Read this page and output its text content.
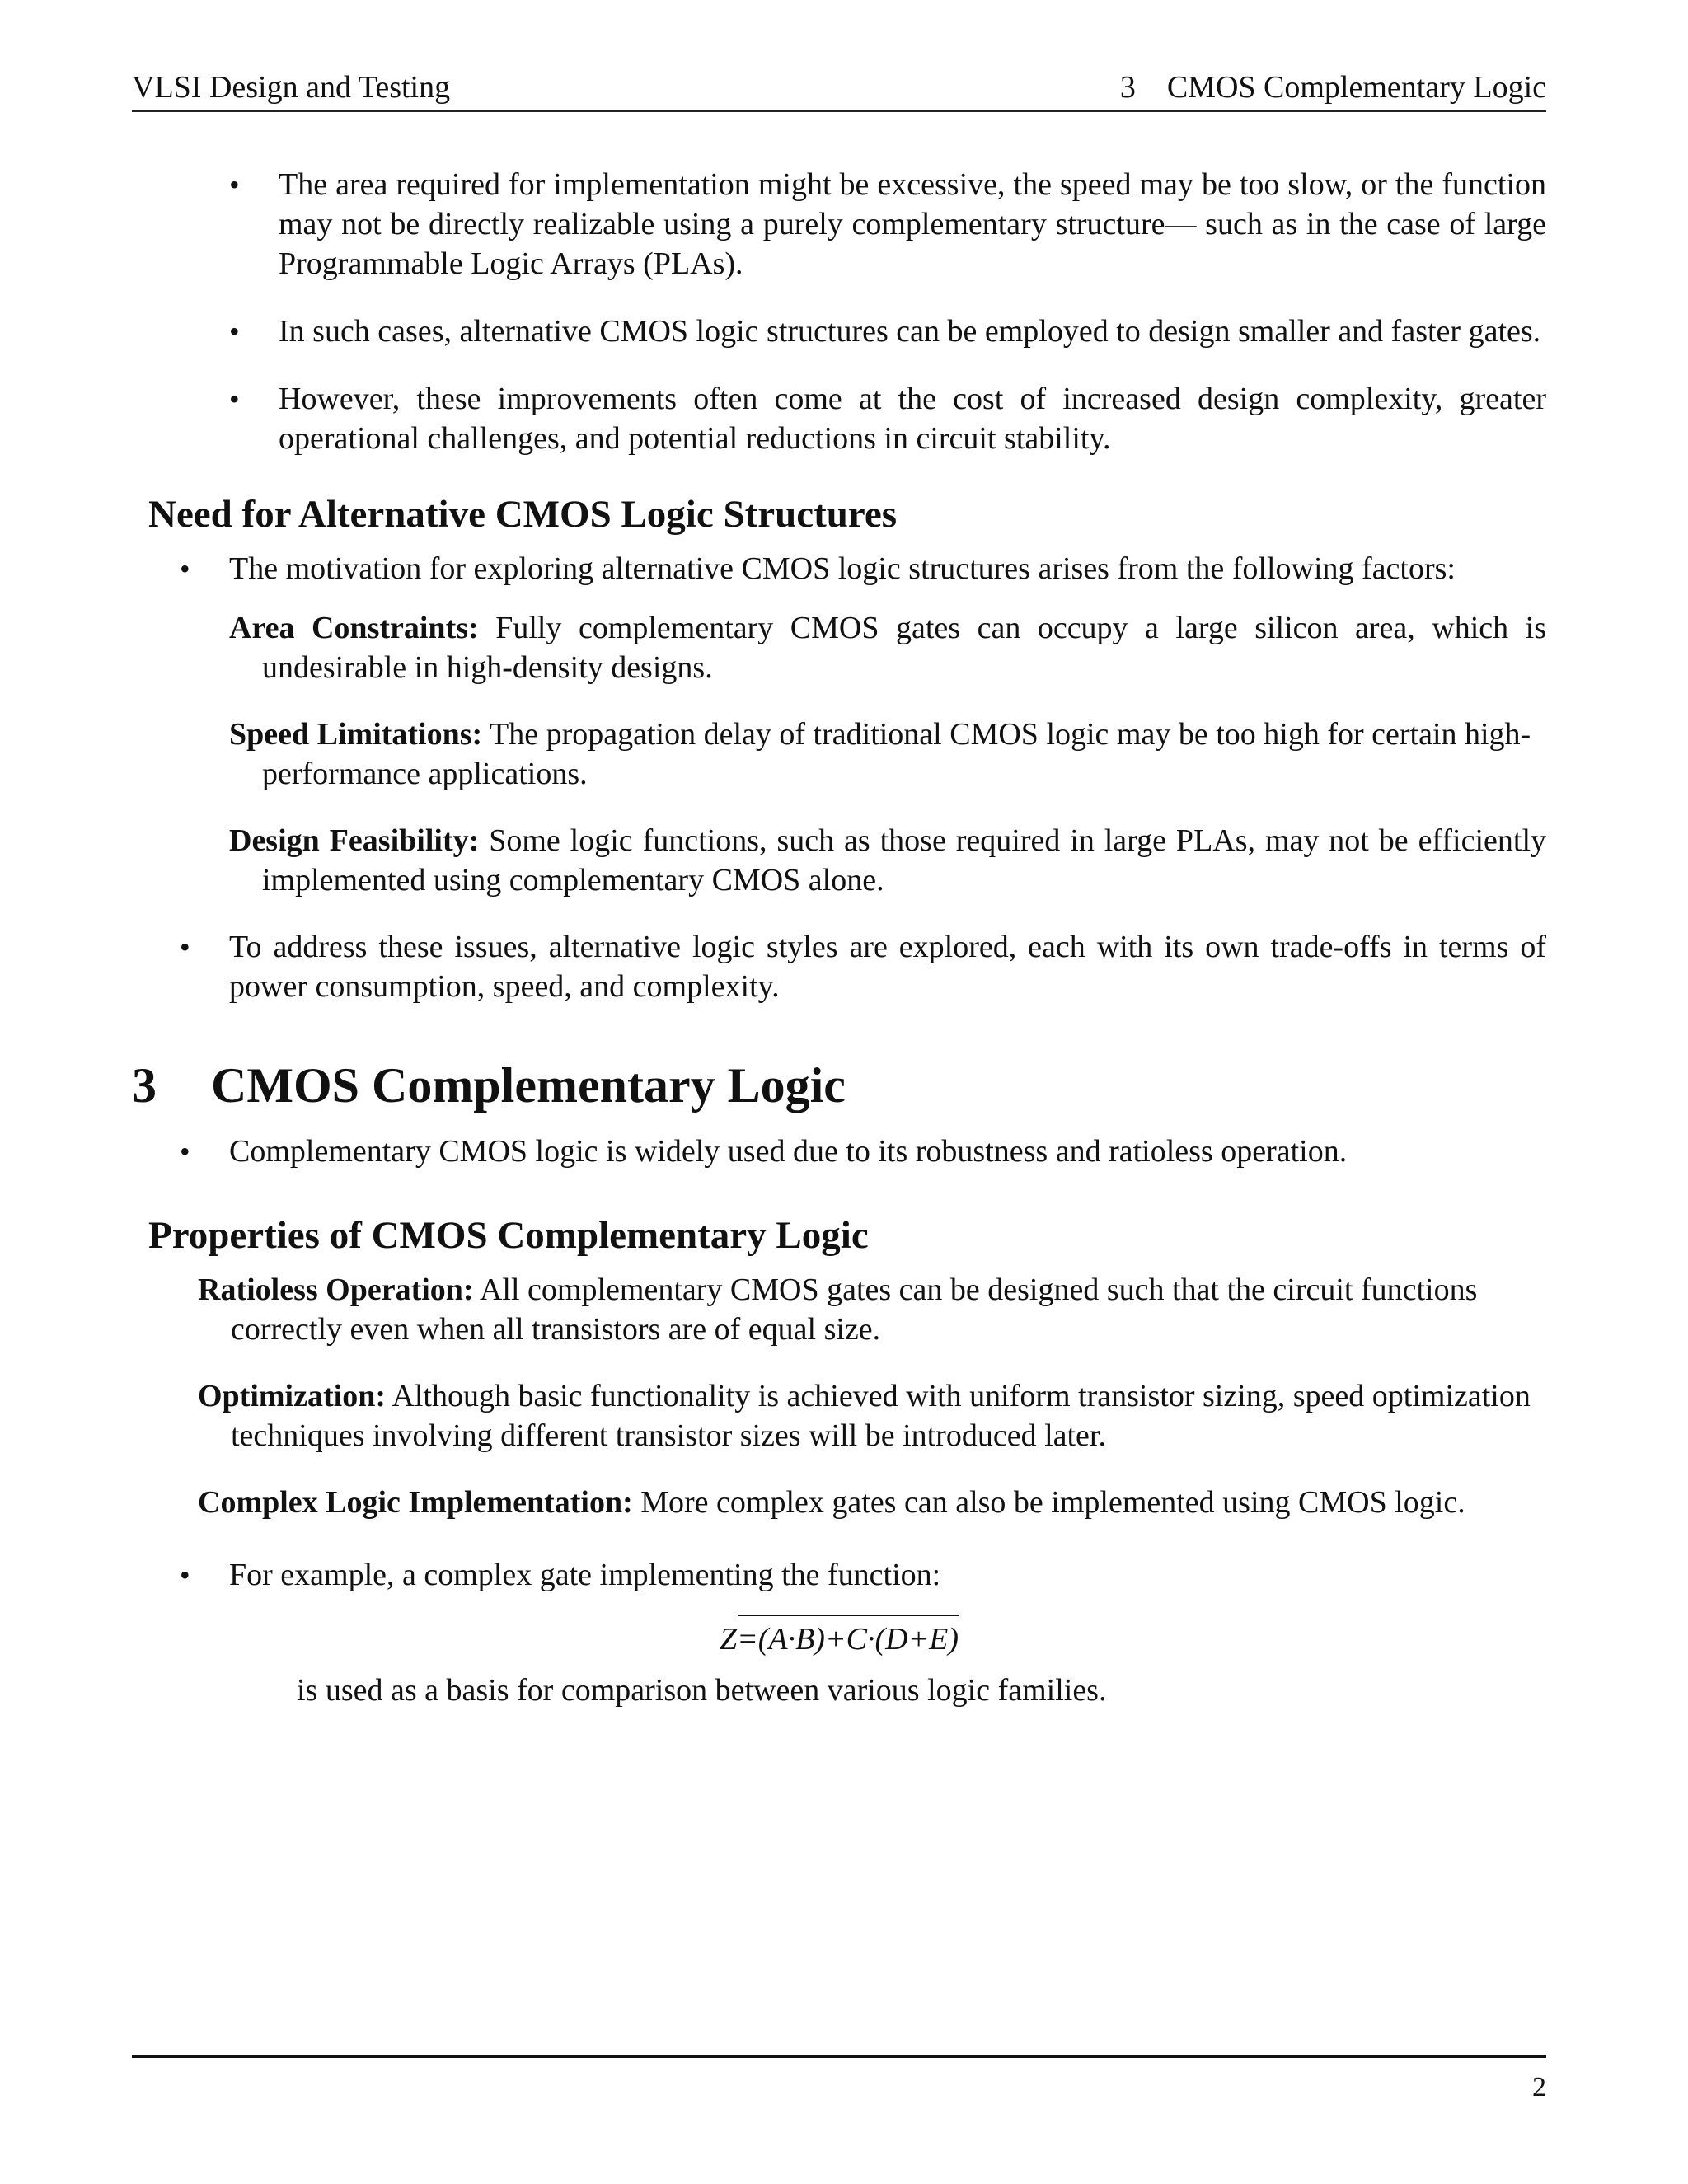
VLSI Design and Testing	3 CMOS Complementary Logic
• The area required for implementation might be excessive, the speed may be too slow, or the function may not be directly realizable using a purely complementary structure— such as in the case of large Programmable Logic Arrays (PLAs).
• In such cases, alternative CMOS logic structures can be employed to design smaller and faster gates.
• However, these improvements often come at the cost of increased design complexity, greater operational challenges, and potential reductions in circuit stability.
Need for Alternative CMOS Logic Structures
• The motivation for exploring alternative CMOS logic structures arises from the following factors:
Area Constraints: Fully complementary CMOS gates can occupy a large silicon area, which is undesirable in high-density designs.
Speed Limitations: The propagation delay of traditional CMOS logic may be too high for certain high-performance applications.
Design Feasibility: Some logic functions, such as those required in large PLAs, may not be efficiently implemented using complementary CMOS alone.
• To address these issues, alternative logic styles are explored, each with its own trade-offs in terms of power consumption, speed, and complexity.
3 CMOS Complementary Logic
• Complementary CMOS logic is widely used due to its robustness and ratioless operation.
Properties of CMOS Complementary Logic
Ratioless Operation: All complementary CMOS gates can be designed such that the circuit functions correctly even when all transistors are of equal size.
Optimization: Although basic functionality is achieved with uniform transistor sizing, speed optimization techniques involving different transistor sizes will be introduced later.
Complex Logic Implementation: More complex gates can also be implemented using CMOS logic.
• For example, a complex gate implementing the function:
Z=(A·B)+C·(D+E)
is used as a basis for comparison between various logic families.
2
